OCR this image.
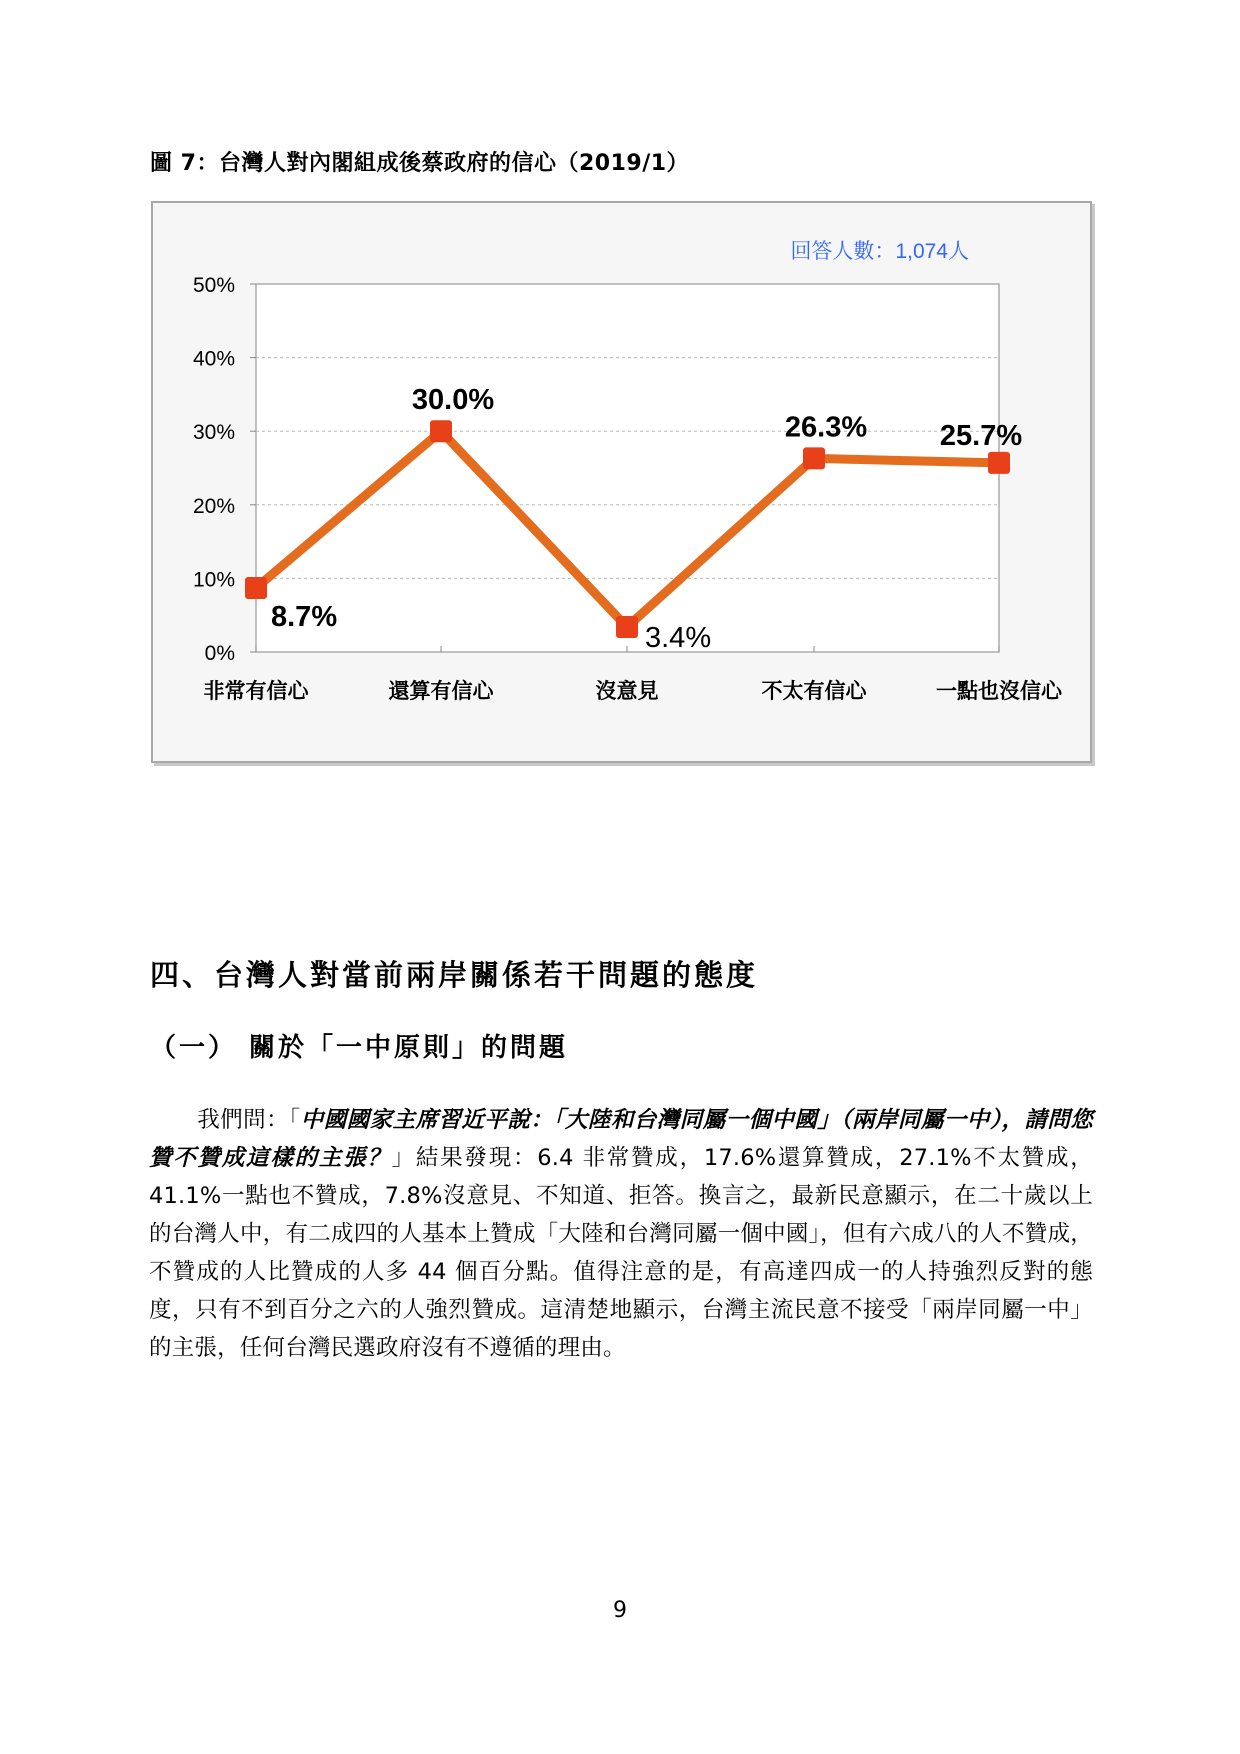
圖 7：台灣人對內閣組成後蔡政府的信心（2019/1）
0%
10%
20%
30%
40%
50%
非常有信心	還算有信心	沒意見	不太有信心	一點也沒信心
8.7%
30.0%
3.4%
26.3%	25.7%
回答人數：1,074人
四、台灣人對當前兩岸關係若干問題的態度
（一） 關於「一中原則」的問題

我們問：「中國國家主席習近平說：「大陸和台灣同屬一個中國」（兩岸同屬一中），請問您贊不贊成這樣的主張？」結果發現：6.4 非常贊成，17.6%還算贊成，27.1%不太贊成，41.1%一點也不贊成，7.8%沒意見、不知道、拒答。換言之，最新民意顯示，在二十歲以上的台灣人中，有二成四的人基本上贊成「大陸和台灣同屬一個中國」，但有六成八的人不贊成，不贊成的人比贊成的人多 44 個百分點。值得注意的是，有高達四成一的人持強烈反對的態度，只有不到百分之六的人強烈贊成。這清楚地顯示，台灣主流民意不接受「兩岸同屬一中」的主張，任何台灣民選政府沒有不遵循的理由。

9
